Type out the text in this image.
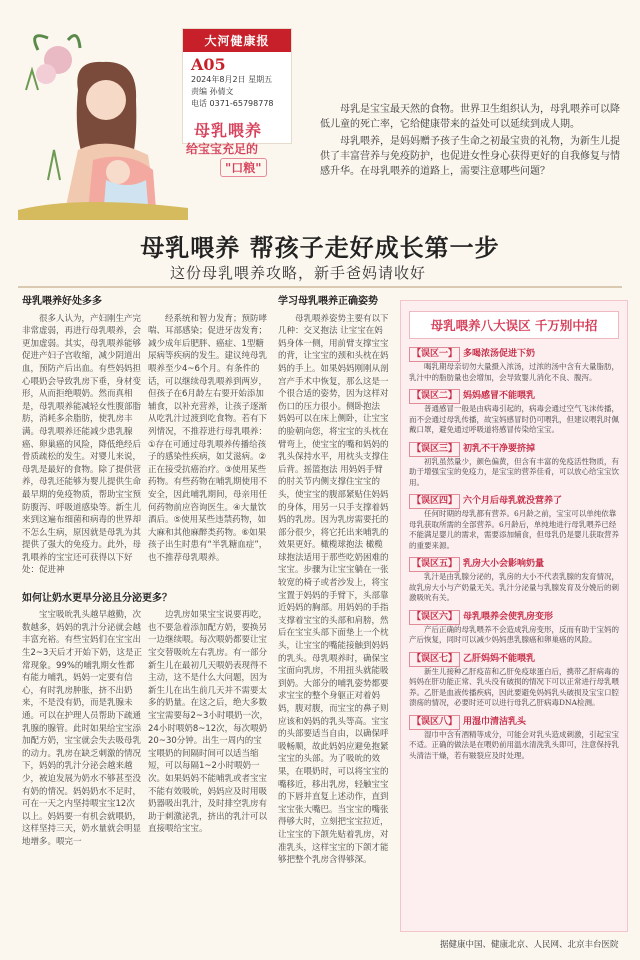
大河健康报
A05
2024年8月2日 星期五
责编 孙倩文
电话 0371-65798778
母乳喂养
给宝宝充足的
"口粮"

母乳是宝宝最天然的食物。世界卫生组织认为，母乳喂养可以降低儿童的死亡率，它给健康带来的益处可以延续到成人期。

母乳喂养，是妈妈赠予孩子生命之初最宝贵的礼物，为新生儿提供了丰富营养与免疫防护，也促进女性身心获得更好的自我修复与情感升华。在母乳喂养的道路上，需要注意哪些问题？

母乳喂养 帮孩子走好成长第一步
这份母乳喂养攻略，新手爸妈请收好
母乳喂养好处多多

很多人认为，产妇刚生产完非常虚弱，再进行母乳喂养，会更加虚弱。其实，母乳喂养能够促进产妇子宫收缩，减少阴道出血，预防产后出血。有些妈妈担心喂奶会导致乳房下垂，身材变形，从而拒绝喂奶。然而真相是，母乳喂养能减轻女性腹部脂肪，消耗多余脂肪，使乳房丰满。母乳喂养还能减少患乳腺癌、卵巢癌的风险，降低绝经后骨质疏松的发生。对婴儿来说，母乳是最好的食物。除了提供营养，母乳还能够为婴儿提供生命最早期的免疫物质，帮助宝宝预防腹泻、呼吸道感染等。新生儿来到这遍布细菌和病毒的世界却不怎么生病，原因就是母乳为其提供了强大的免疫力。此外，母乳喂养的宝宝还可获得以下好处：促进神

经系统和智力发育；预防哮喘、耳部感染；促进牙齿发育；减少成年后肥胖、癌症、1型糖尿病等疾病的发生。建议纯母乳喂养至少4~6个月。有条件的话，可以继续母乳喂养到两岁，但孩子在6月龄左右要开始添加辅食，以补充营养，让孩子逐渐从吃乳汁过渡到吃食物。若有下列情况，不推荐进行母乳喂养：①存在可通过母乳喂养传播给孩子的感染性疾病，如艾滋病。②正在接受抗癌治疗。③使用某些药物。有些药物在哺乳期使用不安全，因此哺乳期间，母亲用任何药物前应咨询医生。④大量饮酒后。⑤使用某些违禁药物，如大麻和其他麻醉类药物。⑥如果孩子出生时患有“半乳糖血症”，也不推荐母乳喂养。

如何让奶水更早分泌且分泌更多？

宝宝吸吮乳头越早越勤，次数越多，妈妈的乳汁分泌就会越丰富充裕。有些宝妈们在宝宝出生2~3天后才开始下奶，这是正常现象。99%的哺乳期女性都有能力哺乳，妈妈一定要有信心，有时乳房肿胀，挤不出奶来，不是没有奶，而是乳腺未通。可以在护理人员帮助下疏通乳腺的腺管。此时如果给宝宝添加配方奶，宝宝就会失去吸母乳的动力。乳房在缺乏刺激的情况下，妈妈的乳汁分泌会越来越少，被迫发展为奶水不够甚至没有奶的情况。妈妈奶水不足时，可在一天之内坚持喂宝宝12次以上。妈妈要一有机会就喂奶，这样坚持三天，奶水量就会明显地增多。喂完一

边乳房如果宝宝说要再吃，也不要急着添加配方奶，要换另一边继续喂。每次喂奶都要让宝宝交替吸吮左右乳房。有一部分新生儿在最初几天喂奶表现得不主动，这不是什么大问题，因为新生儿在出生前几天并不需要太多的奶量。在这之后，绝大多数宝宝需要每2~3小时喂奶一次，24小时喂奶8~12次，每次喂奶20~30分钟。出生一周内的宝宝喂奶的间隔时间可以适当缩短，可以每隔1~2小时喂奶一次。如果妈妈不能哺乳或者宝宝不能有效吸吮，妈妈应及时用吸奶器吸出乳汁，及时排空乳房有助于刺激泌乳，挤出的乳汁可以直接喂给宝宝。

学习母乳喂养正确姿势

母乳喂养姿势主要有以下几种：交叉抱法 让宝宝在妈妈身体一侧，用前臂支撑宝宝的背，让宝宝的颈和头枕在妈妈的手上。如果妈妈刚刚从剖宫产手术中恢复，那么这是一个很合适的姿势，因为这样对伤口的压力很小。侧卧抱法 妈妈可以在床上侧卧，让宝宝的脸朝向您，将宝宝的头枕在臂弯上，使宝宝的嘴和妈妈的乳头保持水平，用枕头支撑住后背。摇篮抱法 用妈妈手臂的肘关节内侧支撑住宝宝的头，使宝宝的腹部紧贴住妈妈的身体，用另一只手支撑着妈妈的乳房。因为乳房需要托的部分很少，将它托出来哺乳的效果更好。橄榄球抱法 橄榄球抱法适用于那些吃奶困难的宝宝。步骤为让宝宝躺在一张较宽的椅子或者沙发上，将宝宝置于妈妈的手臂下，头部靠近妈妈的胸部。用妈妈的手指支撑着宝宝的头部和肩膀，然后在宝宝头部下面垫上一个枕头，让宝宝的嘴能接触到妈妈的乳头。母乳喂养时，确保宝宝面向乳房，不用扭头就能吸到奶。大部分的哺乳姿势都要求宝宝的整个身躯正对着妈妈，腹对腹，而宝宝的鼻子则应该和妈妈的乳头等高。宝宝的头部要适当自由，以确保呼吸畅顺，故此妈妈应避免抱紧宝宝的头部。为了吸吮的效果，在喂奶时，可以将宝宝的嘴移近，移出乳房，轻触宝宝的下唇并直复上述动作，直到宝宝张大嘴巴。当宝宝的嘴张得够大时，立刻把宝宝拉近，让宝宝的下颌先贴着乳房，对准乳头，这样宝宝的下颌才能够把整个乳房含得够深。

母乳喂养八大误区 千万别中招
【误区一】 多喝浓汤促进下奶
喝乳期母亲切勿大量摄入浓汤，过浓的汤中含有大量脂肪，乳汁中的脂肪量也会增加，会导致婴儿消化不良、腹泻。
【误区二】 妈妈感冒不能喂乳
普通感冒一般是由病毒引起的，病毒会通过空气飞沫传播，而不会通过母乳传播，故宝妈感冒时仍可喂乳，但建议喂乳时佩戴口罩，避免通过呼吸道将感冒传染给宝宝。
【误区三】 初乳不干净要挤掉
初乳虽然量少，颜色偏黄，但含有丰富的免疫活性物质，有助于增强宝宝的免疫力，是宝宝的营养佳肴，可以放心给宝宝饮用。
【误区四】 六个月后母乳就没营养了
任何时期的母乳都有营养。6月龄之前，宝宝可以单纯依靠母乳获取所需的全部营养。6月龄后，单纯地进行母乳喂养已经不能满足婴儿的需求，需要添加辅食，但母乳仍是婴儿获取营养的重要来源。
【误区五】 乳房大小会影响奶量
乳汁是由乳腺分泌的，乳房的大小不代表乳腺的发育情况，故乳房大小与产奶量无关。乳汁分泌量与乳腺发育及分娩后的刺激吸吮有关。
【误区六】 母乳喂养会使乳房变形
产后正确的母乳喂养不会造成乳房变形，反而有助于宝妈的产后恢复，同时可以减少妈妈患乳腺癌和卵巢癌的风险。
【误区七】 乙肝妈妈不能喂乳
新生儿接种乙肝疫苗和乙肝免疫球蛋白后，携带乙肝病毒的妈妈在肝功能正常、乳头没有破损的情况下可以正常进行母乳喂养。乙肝是血液传播疾病，因此要避免妈妈乳头破损及宝宝口腔溃疡的情况，必要时还可以进行母乳乙肝病毒DNA检测。
【误区八】 用湿巾清洁乳头
湿巾中含有酒精等成分，可能会对乳头造成刺激，引起宝宝不适。正确的做法是在喂奶前用温水清洗乳头即可，注意保持乳头清洁干燥，若有皲裂应及时处理。
据健康中国、健康北京、人民网、北京丰台医院
